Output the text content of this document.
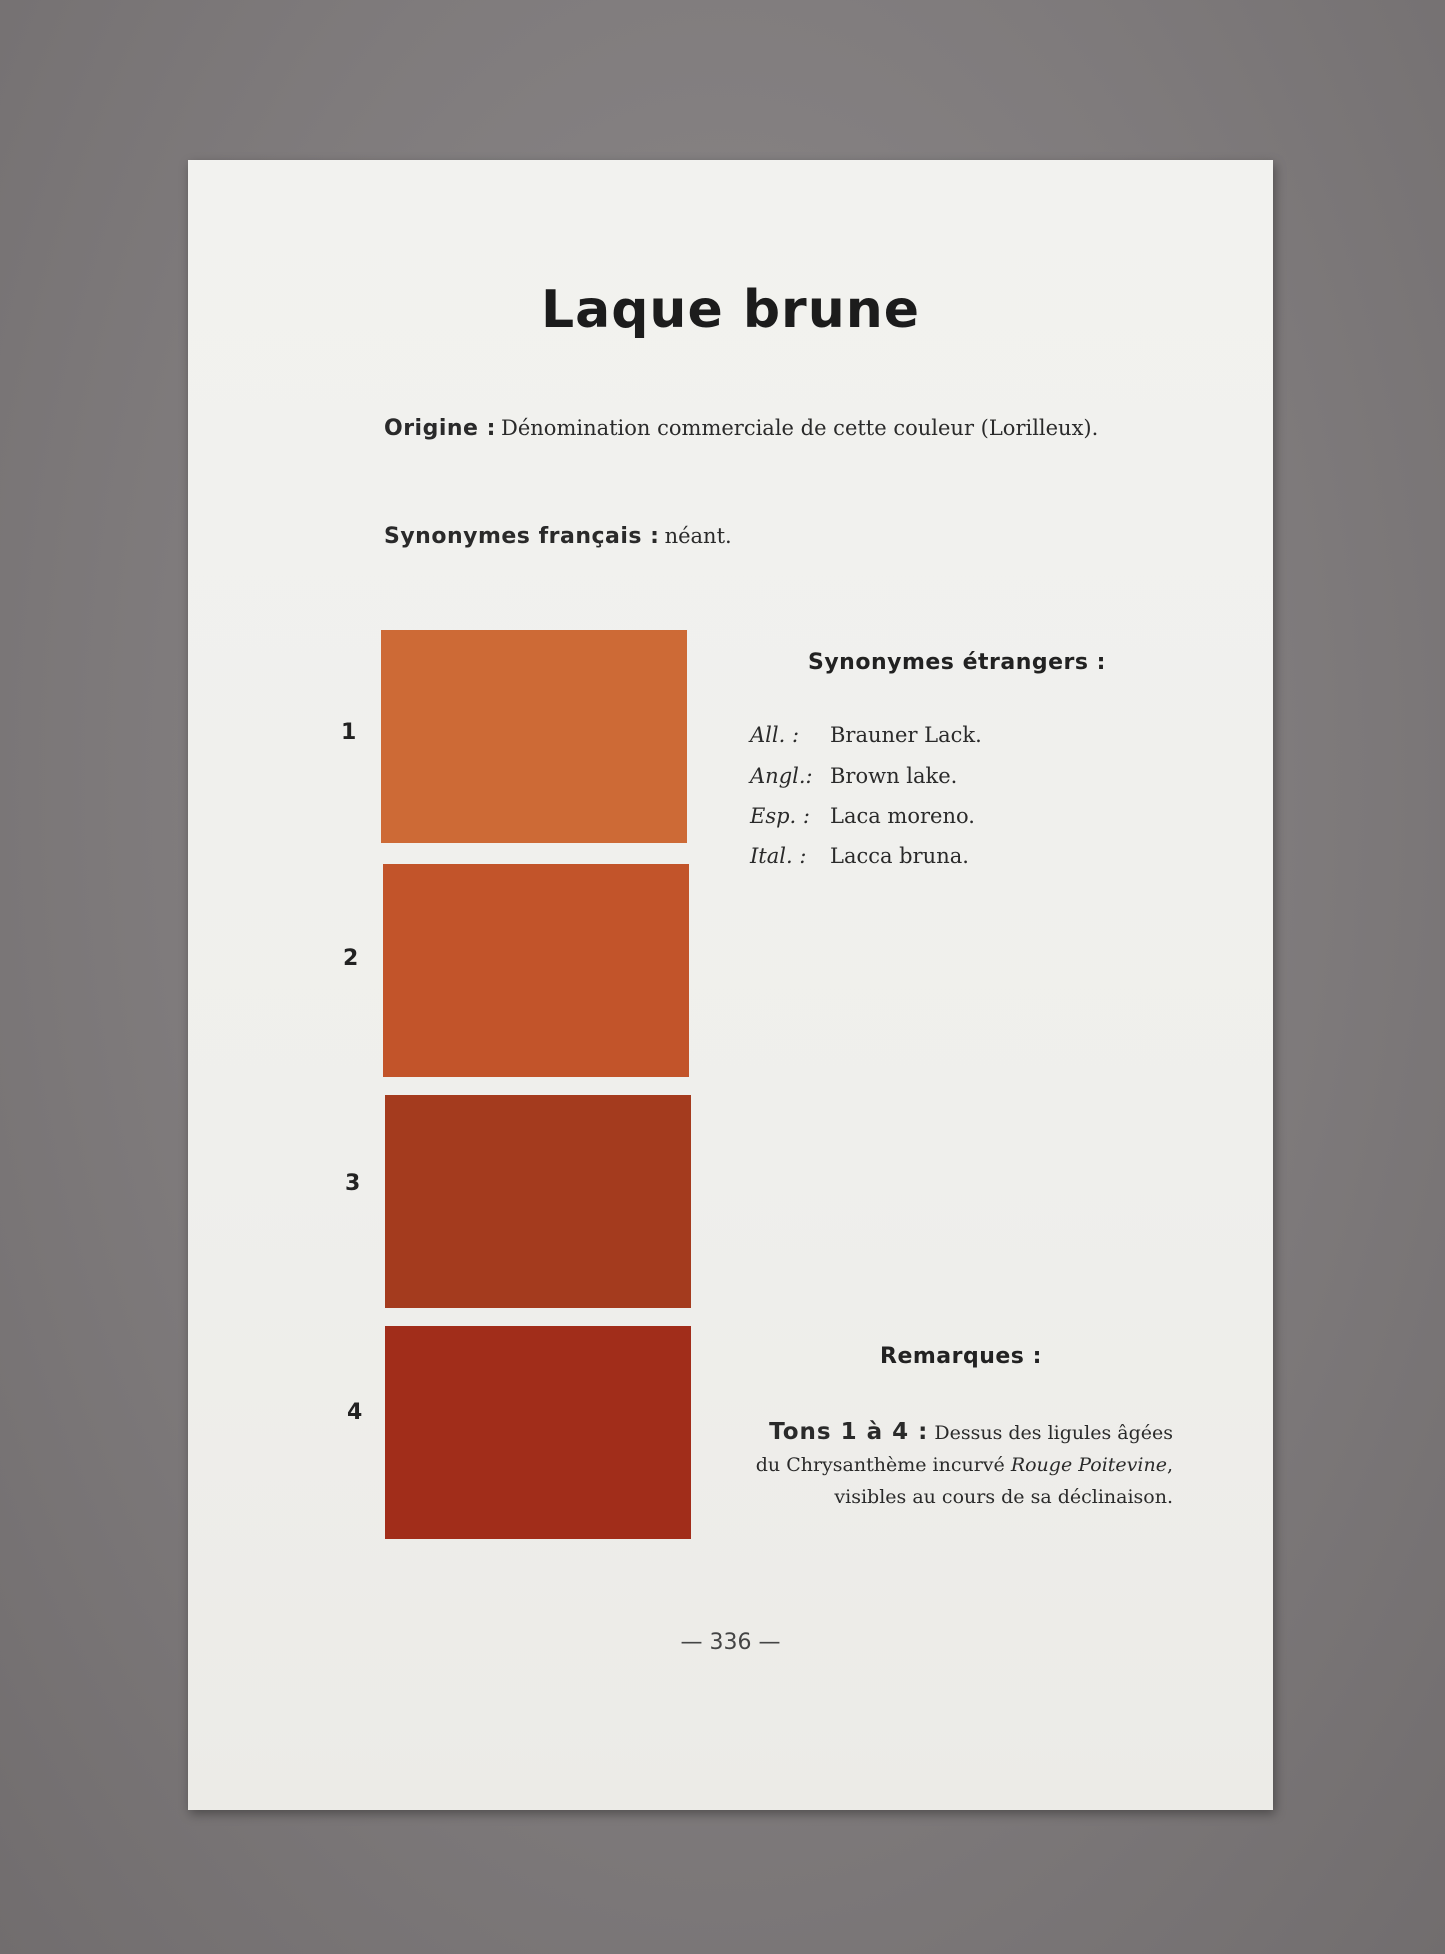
Laque brune
Origine : Dénomination commerciale de cette couleur (Lorilleux).
Synonymes français : néant.
1
2
3
4
Synonymes étrangers :
All. : Brauner Lack.
Angl.: Brown lake.
Esp. : Laca moreno.
Ital. : Lacca bruna.
Remarques :
Tons 1 à 4 : Dessus des ligules âgées du Chrysanthème incurvé Rouge Poitevine, visibles au cours de sa déclinaison.
— 336 —
